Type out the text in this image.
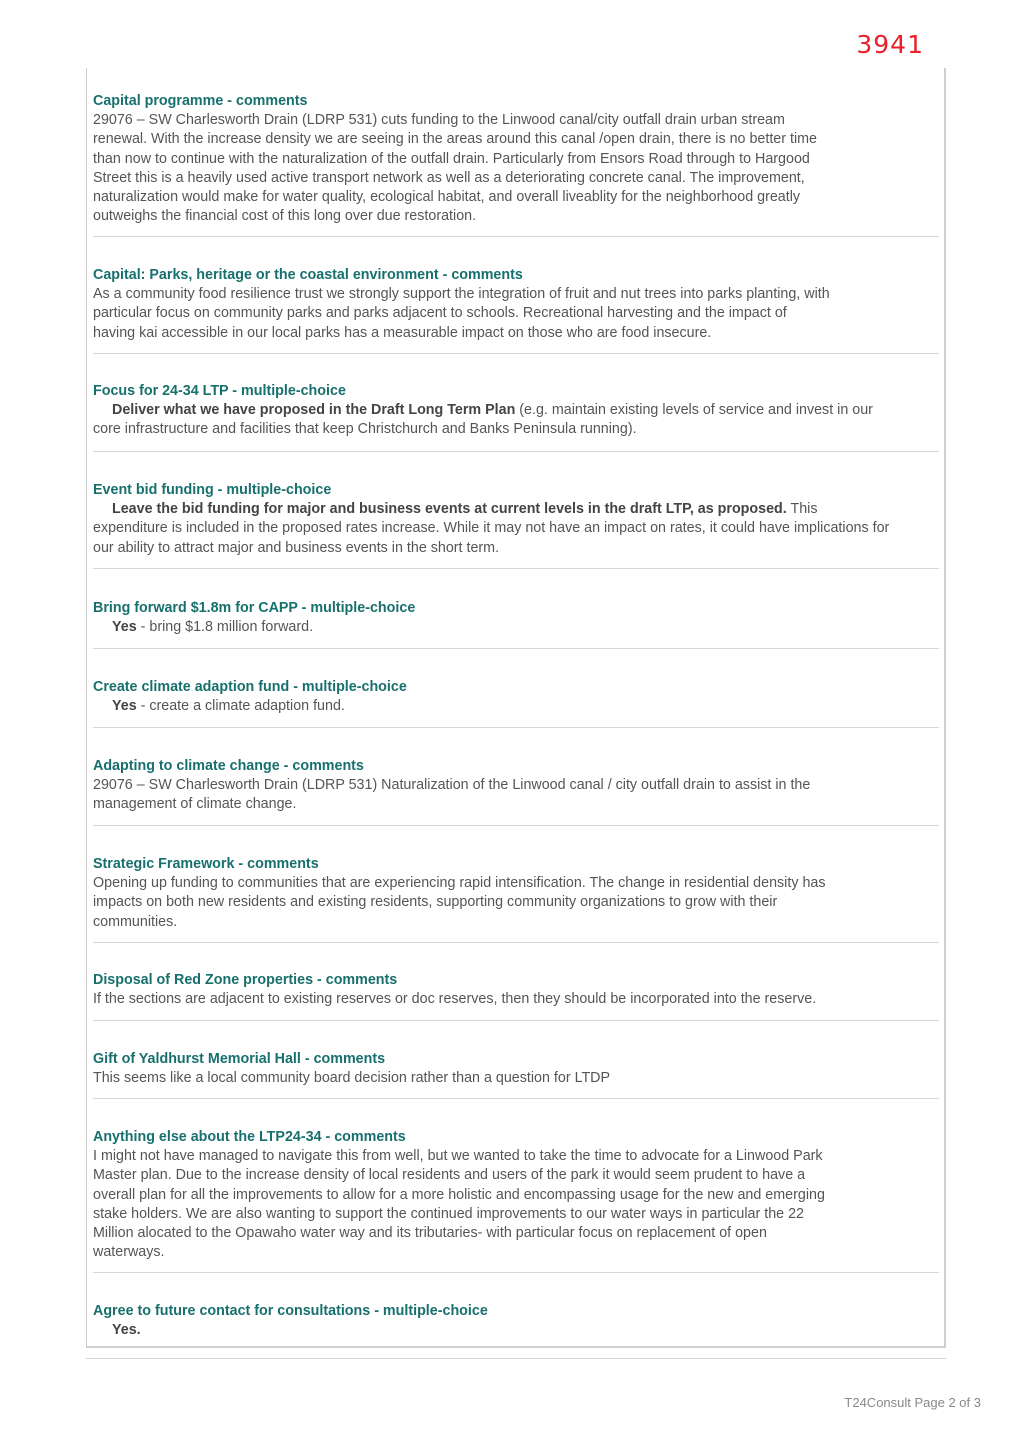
3941

Capital programme - comments

29076 – SW Charlesworth Drain (LDRP 531) cuts funding to the Linwood canal/city outfall drain urban stream
renewal. With the increase density we are seeing in the areas around this canal /open drain, there is no better time
than now to continue with the naturalization of the outfall drain. Particularly from Ensors Road through to Hargood
Street this is a heavily used active transport network as well as a deteriorating concrete canal. The improvement,
naturalization would make for water quality, ecological habitat, and overall liveablity for the neighborhood greatly
outweighs the financial cost of this long over due restoration.

Capital: Parks, heritage or the coastal environment - comments

As a community food resilience trust we strongly support the integration of fruit and nut trees into parks planting, with
particular focus on community parks and parks adjacent to schools. Recreational harvesting and the impact of
having kai accessible in our local parks has a measurable impact on those who are food insecure.

Focus for 24-34 LTP - multiple-choice

Deliver what we have proposed in the Draft Long Term Plan (e.g. maintain existing levels of service and invest in our

core infrastructure and facilities that keep Christchurch and Banks Peninsula running).

Event bid funding - multiple-choice

Leave the bid funding for major and business events at current levels in the draft LTP, as proposed. This

expenditure is included in the proposed rates increase. While it may not have an impact on rates, it could have implications for
our ability to attract major and business events in the short term.

Bring forward $1.8m for CAPP - multiple-choice

Yes - bring $1.8 million forward.

Create climate adaption fund - multiple-choice

Yes - create a climate adaption fund.

Adapting to climate change - comments

29076 – SW Charlesworth Drain (LDRP 531) Naturalization of the Linwood canal / city outfall drain to assist in the
management of climate change.

Strategic Framework - comments

Opening up funding to communities that are experiencing rapid intensification. The change in residential density has
impacts on both new residents and existing residents, supporting community organizations to grow with their
communities.

Disposal of Red Zone properties - comments

If the sections are adjacent to existing reserves or doc reserves, then they should be incorporated into the reserve.

Gift of Yaldhurst Memorial Hall - comments

This seems like a local community board decision rather than a question for LTDP

Anything else about the LTP24-34 - comments

I might not have managed to navigate this from well, but we wanted to take the time to advocate for a Linwood Park
Master plan. Due to the increase density of local residents and users of the park it would seem prudent to have a
overall plan for all the improvements to allow for a more holistic and encompassing usage for the new and emerging
stake holders. We are also wanting to support the continued improvements to our water ways in particular the 22
Million alocated to the Opawaho water way and its tributaries- with particular focus on replacement of open
waterways.

Agree to future contact for consultations - multiple-choice

Yes.

T24Consult Page 2 of 3
